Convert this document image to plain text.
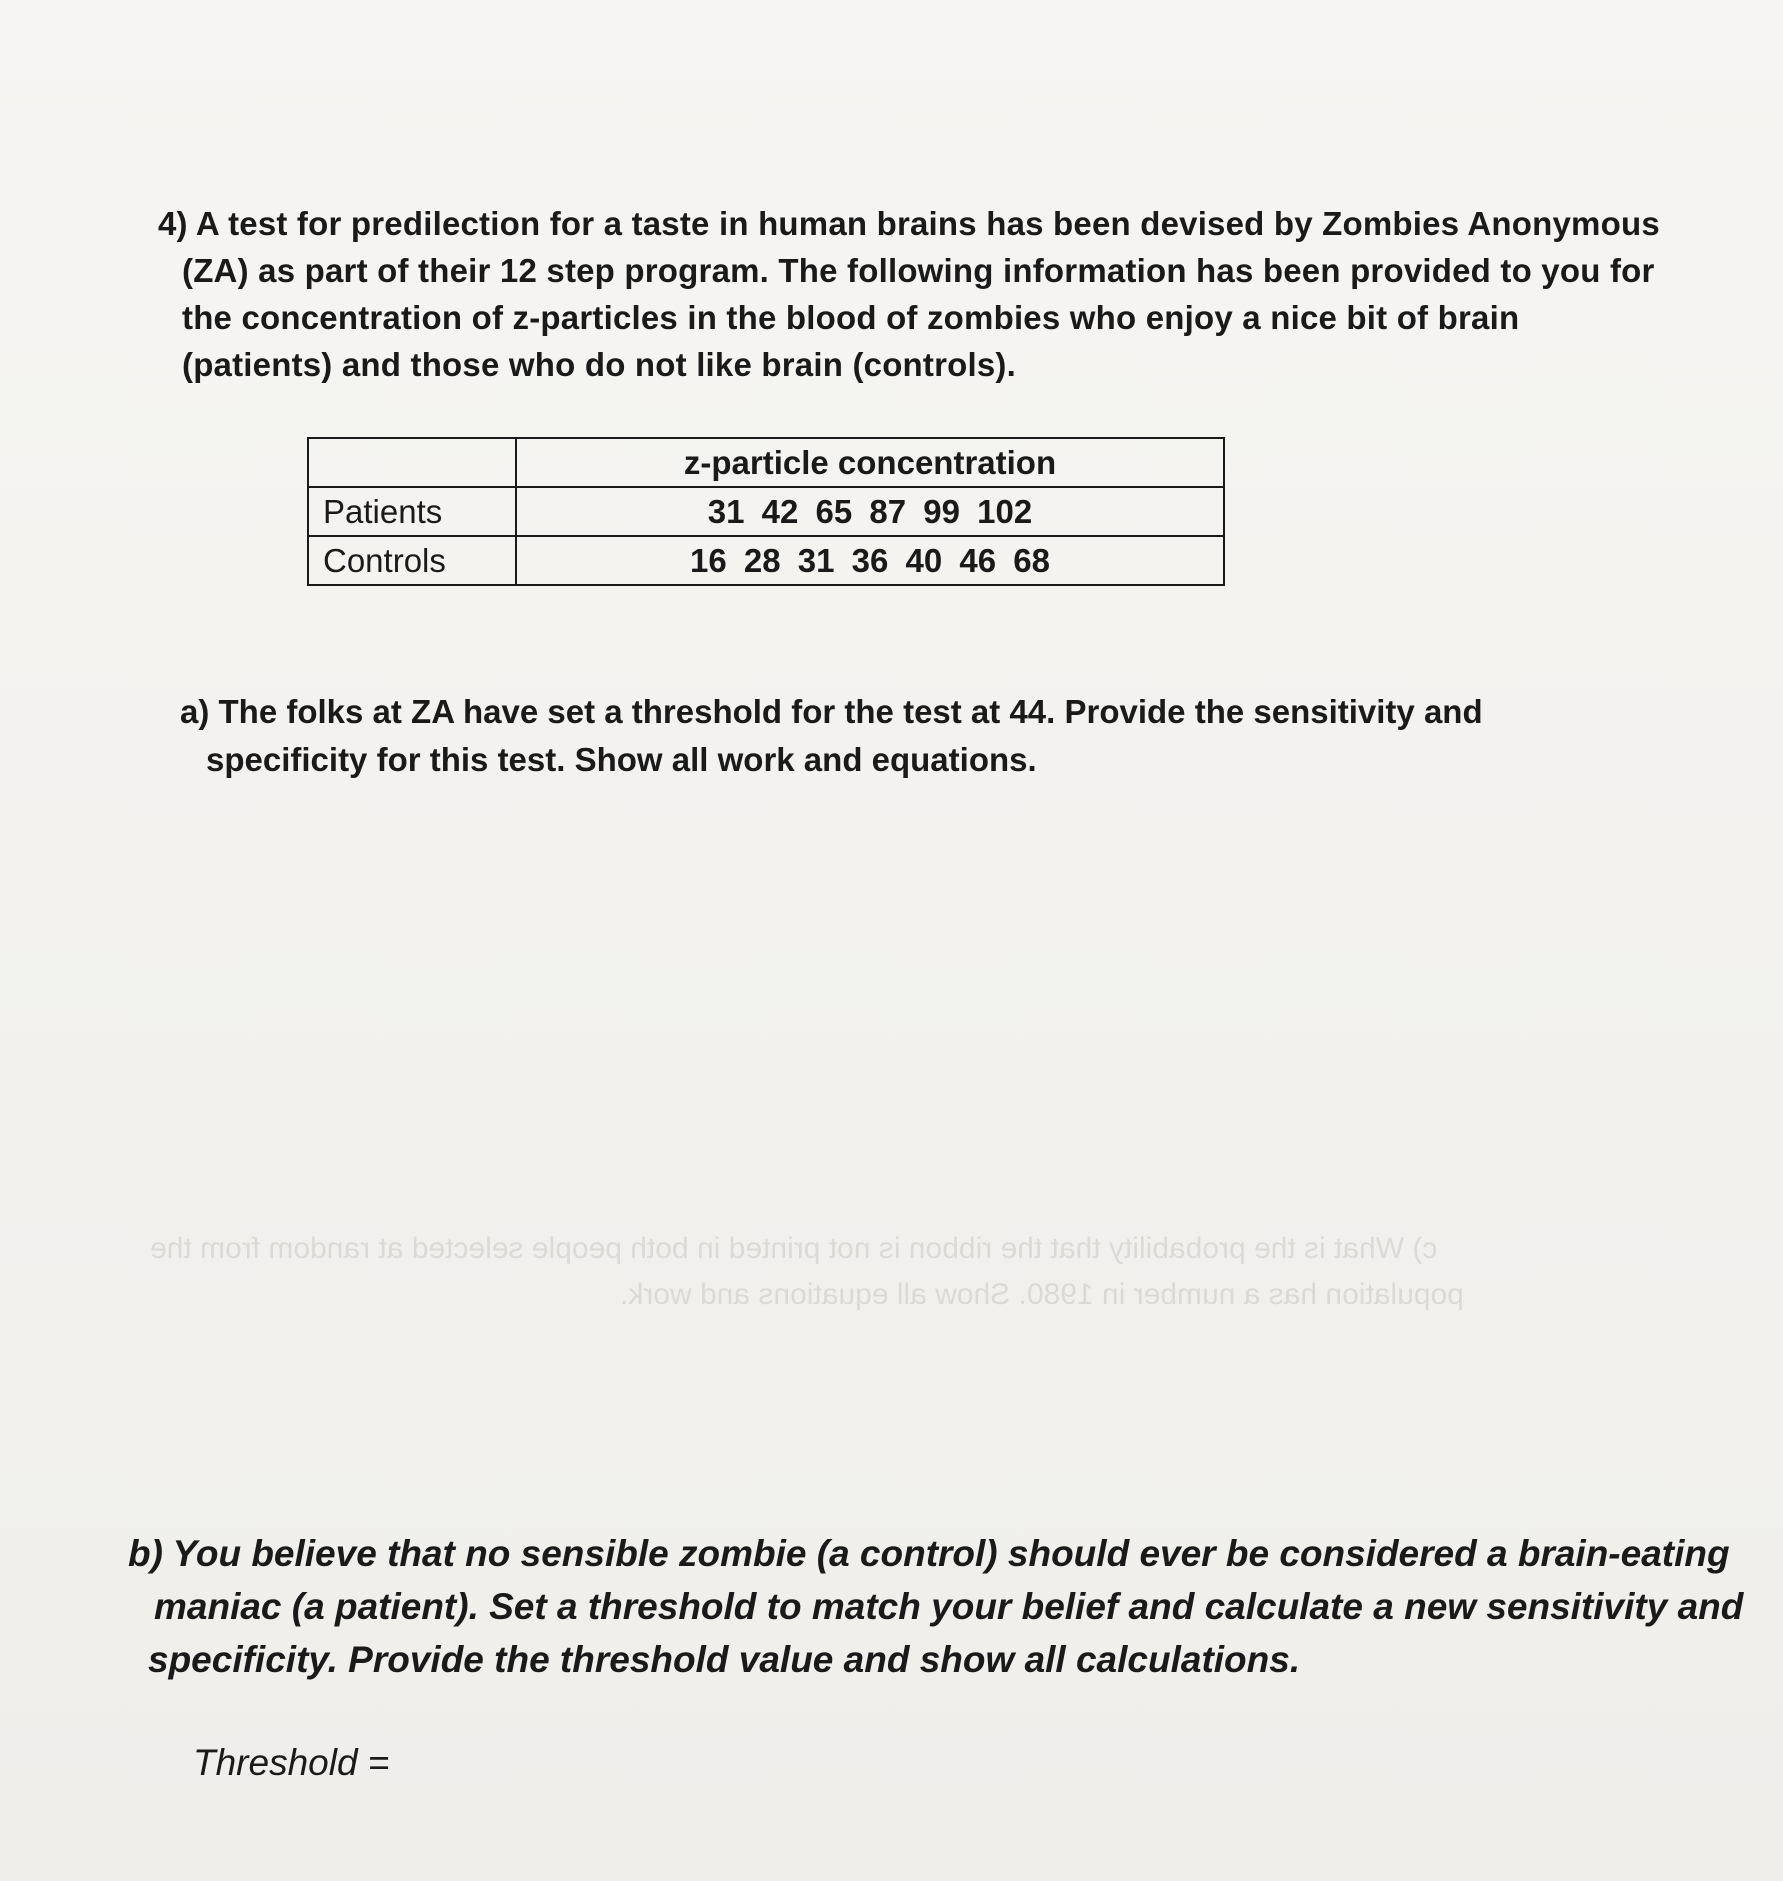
c) What is the probability that the ribbon is not printed in both people selected at random from the
population has a number in 1980. Show all equations and work.
4) A test for predilection for a taste in human brains has been devised by Zombies Anonymous
(ZA) as part of their 12 step program. The following information has been provided to you for
the concentration of z-particles in the blood of zombies who enjoy a nice bit of brain
(patients) and those who do not like brain (controls).
	z-particle concentration
Patients	31 42 65 87 99 102
Controls	16 28 31 36 40 46 68
a) The folks at ZA have set a threshold for the test at 44. Provide the sensitivity and
specificity for this test. Show all work and equations.
b) You believe that no sensible zombie (a control) should ever be considered a brain-eating
maniac (a patient). Set a threshold to match your belief and calculate a new sensitivity and
specificity. Provide the threshold value and show all calculations.
Threshold =
